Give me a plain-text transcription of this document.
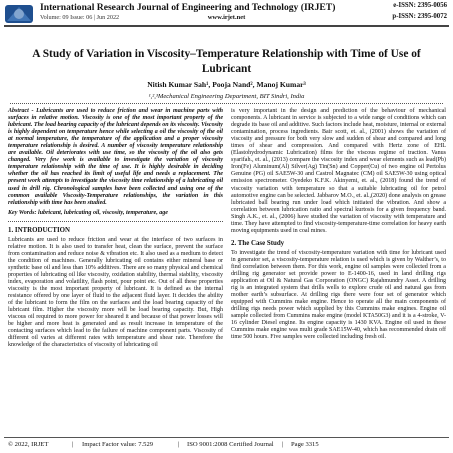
International Research Journal of Engineering and Technology (IRJET)
Volume: 09 Issue: 06 | Jun 2022	www.irjet.net
e-ISSN: 2395-0056
p-ISSN: 2395-0072
A Study of Variation in Viscosity–Temperature Relationship with Time of Use of Lubricant
Nitish Kumar Sah¹, Pooja Nand², Manoj Kumar³
¹,²,³Mechanical Engineering Department, BIT Sindri, India

Abstract - Lubricants are used to reduce friction and wear in machine parts with surfaces in relative motion. Viscosity is one of the most important property of the lubricant. The load bearing capacity of the lubricant depends on its viscosity. Viscosity is highly dependent on temperature hence while selecting a oil the viscosity of the oil at normal temperature, the temperature of the application and a proper viscosity temperature relationship is desired. A number of viscosity temperature relationship are available. Oil deteriorates with use time, so the viscosity of the oil also gets changed. Very few work is available to investigate the variation of viscosity temperature relationship with the time of use. It is highly desirable in deciding whether the oil has reached its limit of useful life and needs a replacement. The present work attempts to investigate the viscosity time relationship of a lubricating oil used in drill rig. Chronological samples have been collected and using one of the common available Viscosity-Temperature relationships, the variation in this relationship with time has been studied.

Key Words: lubricant, lubricating oil, viscosity, temperature, age

1. INTRODUCTION

Lubricants are used to reduce friction and wear at the interface of two surfaces in relative motion. It is also used to transfer heat, clean the surface, prevent the surface from contamination and reduce noise & vibration etc. It also used as a medium to detect the condition of machines. Generally lubricating oil contains either mineral base or synthetic base oil and less than 10% additives. There are so many physical and chemical properties of lubricating oil like viscosity, oxidation stability, thermal stability, viscosity index, evaporation and volatility, flash point, pour point etc. Out of all these properties viscosity is the most important property of lubricant. It is defined as the internal resistance offered by one layer of fluid to the adjacent fluid layer. It decides the ability of the lubricant to form the film on the surfaces and the load bearing capacity of the lubricant film. Higher the viscosity more will be load bearing capacity. But, High viscous oil required to more power for sheared it and because of that power losses will be higher and more heat is generated and as result increase in temperature of the contacting surfaces which lead to the failure of machine component parts. Viscosity of different oil varies at different rates with temperature and shear rate. Therefore the knowledge of the characteristics of viscosity of lubricating oil

is very important in the design and prediction of the behaviour of mechanical components. A lubricant in service is subjected to a wide range of conditions which can degrade its base oil and additive. Such factors include heat, moisture, internal or external contamination, process ingredients. Bair scott, et. al., (2001) shows the variation of viscosity and pressure for both very slow and sudden of shear and compared and long times of shear and compression. And compared with Hertz zone of EHL (Elastohydrodynamic Lubrication) films for the viscous regime of traction. Vanus syarifah., et. al., (2013) compare the viscosity index and wear elements such as lead(Pb) Iron(Fe) Aluminum(Al) Silver(Ag) Tin(Sn) and Copper(Cu) of two engine oil Pertolus Genuine (PG) oil SAE5W-30 and Castrol Magnatec (CM) oil SAE5W-30 using optical emission spectrometer. Oyedeko K.F.K. Akinyemi, et. al., (2018) found the trend of viscosity variation with temperature so that a suitable lubricating oil for petrol automotive engine can be selected. Jabbarov M.O., et. al.,(2020) done analysis on grease lubricated ball bearing run under load which initiated the vibration. And show a correlation between lubrication ratio and spectral kurtosis for a given frequency band. Singh A.K., et. al., (2006) have studied the variation of viscosity with temperature and time. They have attempted to find viscosity-temperature-time correlation for heavy earth moving equipments used in coal mines.

2. The Case Study

To investigate the trend of viscosity-temperature variation with time for lubricant used in generator set, a viscosity-temperature relation is used which is given by Walther’s, to find correlation between them. For this work, engine oil samples were collected from a drilling rig generator set provide power to E-1400-16, used in land drilling rigs application at Oil & Natural Gas Corporation (ONGC) Rajahmundry Asset. A drilling rig is an integrated system that drills wells to explore crude oil and natural gas from mother earth’s subsurface. At drilling rigs there were four set of generator which equipped with Cummins make engine. Hence to operate all the main components of drilling rigs needs power which supplied by this Cummins make engines. Engine oil sample collected from Cummins make engine (model KTA50G3) and it is a 4-stroke, V-16 cylinder Diesel engine. Its engine capacity is 1430 KVA. Engine oil used in these Cummins make engine was multi grade SAE15W-40, which has recommended drain off time 500 hours. Five samples were collected including fresh oil.

© 2022, IRJET	| Impact Factor value: 7.529	| ISO 9001:2008 Certified Journal | Page 3315
